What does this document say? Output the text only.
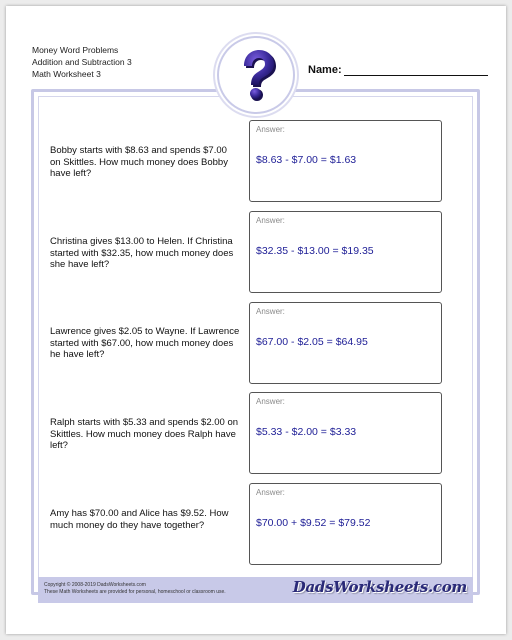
Money Word Problems
Addition and Subtraction 3
Math Worksheet 3	Name:
Bobby starts with $8.63 and spends $7.00 on Skittles. How much money does Bobby have left?
Answer:
$8.63 - $7.00 = $1.63
Christina gives $13.00 to Helen. If Christina started with $32.35, how much money does she have left?
Answer:
$32.35 - $13.00 = $19.35
Lawrence gives $2.05 to Wayne. If Lawrence started with $67.00, how much money does he have left?
Answer:
$67.00 - $2.05 = $64.95
Ralph starts with $5.33 and spends $2.00 on Skittles. How much money does Ralph have left?
Answer:
$5.33 - $2.00 = $3.33
Amy has $70.00 and Alice has $9.52. How much money do they have together?
Answer:
$70.00 + $9.52 = $79.52
Copyright © 2008-2019 DadsWorksheets.com
These Math Worksheets are provided for personal, homeschool or classroom use.	DadsWorksheets.com
